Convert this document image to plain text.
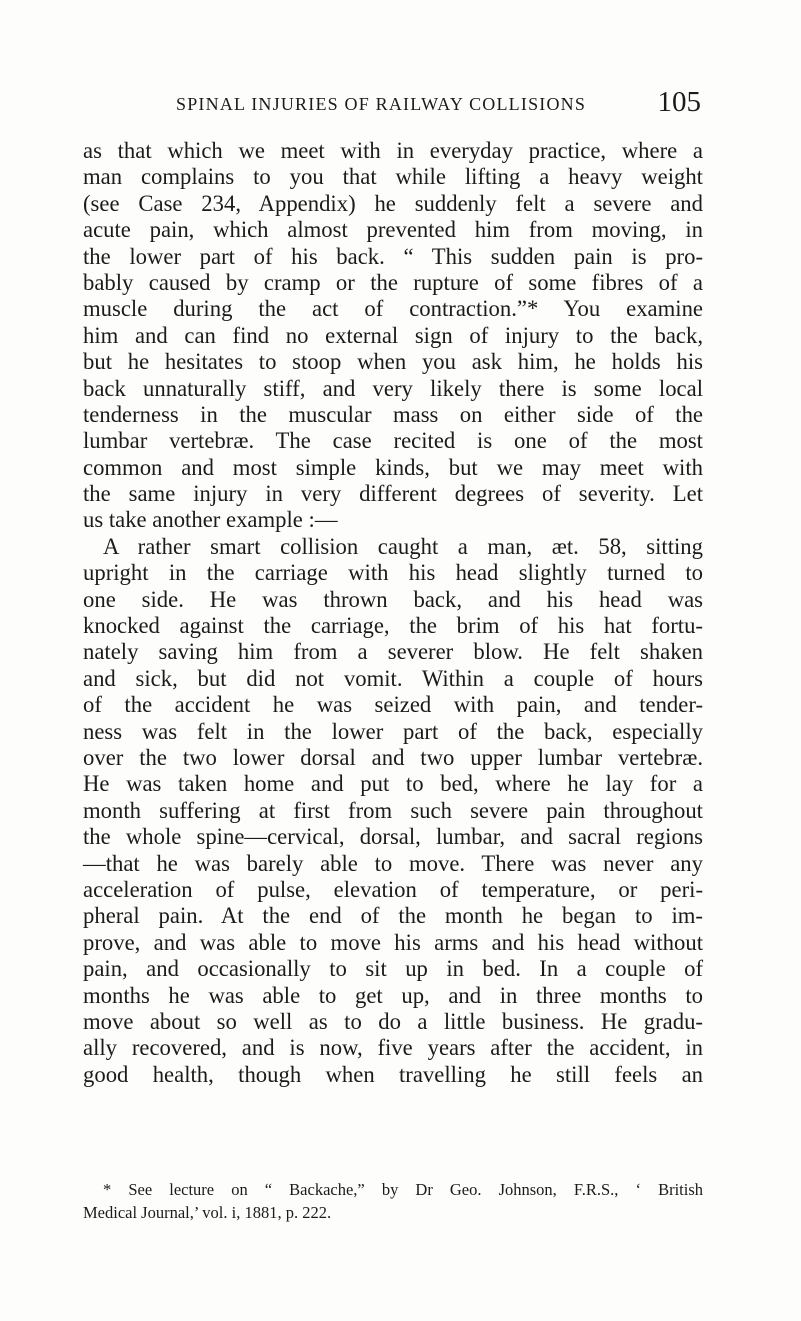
SPINAL INJURIES OF RAILWAY COLLISIONS 105
as that which we meet with in everyday practice, where a
man complains to you that while lifting a heavy weight
(see Case 234, Appendix) he suddenly felt a severe and
acute pain, which almost prevented him from moving, in
the lower part of his back. “ This sudden pain is pro-
bably caused by cramp or the rupture of some fibres of a
muscle during the act of contraction.”* You examine
him and can find no external sign of injury to the back,
but he hesitates to stoop when you ask him, he holds his
back unnaturally stiff, and very likely there is some local
tenderness in the muscular mass on either side of the
lumbar vertebræ. The case recited is one of the most
common and most simple kinds, but we may meet with
the same injury in very different degrees of severity. Let
us take another example :—
A rather smart collision caught a man, æt. 58, sitting
upright in the carriage with his head slightly turned to
one side. He was thrown back, and his head was
knocked against the carriage, the brim of his hat fortu-
nately saving him from a severer blow. He felt shaken
and sick, but did not vomit. Within a couple of hours
of the accident he was seized with pain, and tender-
ness was felt in the lower part of the back, especially
over the two lower dorsal and two upper lumbar vertebræ.
He was taken home and put to bed, where he lay for a
month suffering at first from such severe pain throughout
the whole spine—cervical, dorsal, lumbar, and sacral regions
—that he was barely able to move. There was never any
acceleration of pulse, elevation of temperature, or peri-
pheral pain. At the end of the month he began to im-
prove, and was able to move his arms and his head without
pain, and occasionally to sit up in bed. In a couple of
months he was able to get up, and in three months to
move about so well as to do a little business. He gradu-
ally recovered, and is now, five years after the accident, in
good health, though when travelling he still feels an
* See lecture on “ Backache,” by Dr Geo. Johnson, F.R.S., ‘ British
Medical Journal,’ vol. i, 1881, p. 222.
